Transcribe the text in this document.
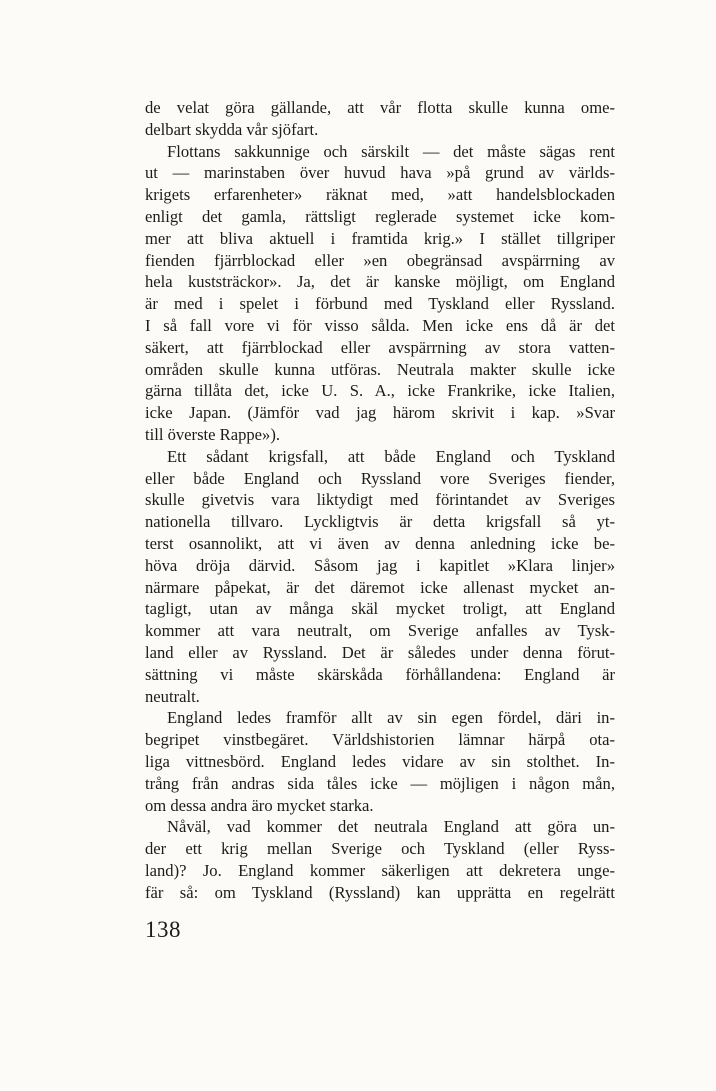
de velat göra gällande, att vår flotta skulle kunna ome-
delbart skydda vår sjöfart.
Flottans sakkunnige och särskilt — det måste sägas rent
ut — marinstaben över huvud hava »på grund av världs-
krigets erfarenheter» räknat med, »att handelsblockaden
enligt det gamla, rättsligt reglerade systemet icke kom-
mer att bliva aktuell i framtida krig.» I stället tillgriper
fienden fjärrblockad eller »en obegränsad avspärrning av
hela kuststräckor». Ja, det är kanske möjligt, om England
är med i spelet i förbund med Tyskland eller Ryssland.
I så fall vore vi för visso sålda. Men icke ens då är det
säkert, att fjärrblockad eller avspärrning av stora vatten-
områden skulle kunna utföras. Neutrala makter skulle icke
gärna tillåta det, icke U. S. A., icke Frankrike, icke Italien,
icke Japan. (Jämför vad jag härom skrivit i kap. »Svar
till överste Rappe»).
Ett sådant krigsfall, att både England och Tyskland
eller både England och Ryssland vore Sveriges fiender,
skulle givetvis vara liktydigt med förintandet av Sveriges
nationella tillvaro. Lyckligtvis är detta krigsfall så yt-
terst osannolikt, att vi även av denna anledning icke be-
höva dröja därvid. Såsom jag i kapitlet »Klara linjer»
närmare påpekat, är det däremot icke allenast mycket an-
tagligt, utan av många skäl mycket troligt, att England
kommer att vara neutralt, om Sverige anfalles av Tysk-
land eller av Ryssland. Det är således under denna förut-
sättning vi måste skärskåda förhållandena: England är
neutralt.
England ledes framför allt av sin egen fördel, däri in-
begripet vinstbegäret. Världshistorien lämnar härpå ota-
liga vittnesbörd. England ledes vidare av sin stolthet. In-
trång från andras sida tåles icke — möjligen i någon mån,
om dessa andra äro mycket starka.
Nåväl, vad kommer det neutrala England att göra un-
der ett krig mellan Sverige och Tyskland (eller Ryss-
land)? Jo. England kommer säkerligen att dekretera unge-
fär så: om Tyskland (Ryssland) kan upprätta en regelrätt
138
